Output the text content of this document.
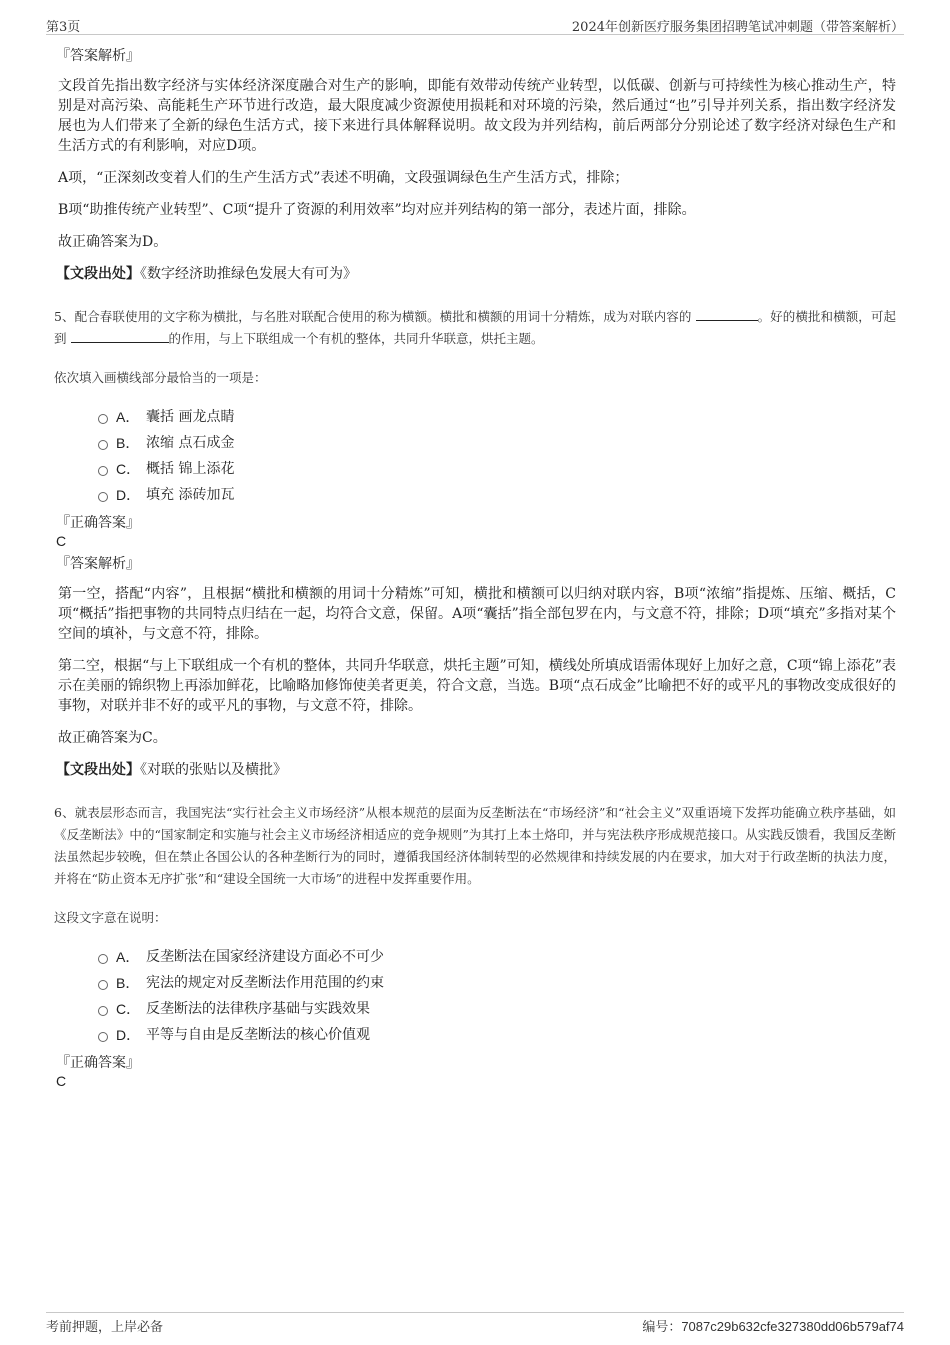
第3页	2024年创新医疗服务集团招聘笔试冲刺题（带答案解析）
『答案解析』

文段首先指出数字经济与实体经济深度融合对生产的影响，即能有效带动传统产业转型，以低碳、创新与可持续性为核心推动生产，特别是对高污染、高能耗生产环节进行改造，最大限度减少资源使用损耗和对环境的污染，然后通过“也”引导并列关系，指出数字经济发展也为人们带来了全新的绿色生活方式，接下来进行具体解释说明。故文段为并列结构，前后两部分分别论述了数字经济对绿色生产和生活方式的有利影响，对应D项。

A项，“正深刻改变着人们的生产生活方式”表述不明确，文段强调绿色生产生活方式，排除；

B项“助推传统产业转型”、C项“提升了资源的利用效率”均对应并列结构的第一部分，表述片面，排除。

故正确答案为D。

【文段出处】《数字经济助推绿色发展大有可为》
5、配合春联使用的文字称为横批，与名胜对联配合使用的称为横额。横批和横额的用词十分精炼，成为对联内容的	。好的横批和横额，可起到	的作用，与上下联组成一个有机的整体，共同升华联意，烘托主题。
依次填入画横线部分最恰当的一项是：
A． 囊括 画龙点睛
B． 浓缩 点石成金
C． 概括 锦上添花
D． 填充 添砖加瓦
『正确答案』
C
『答案解析』

第一空，搭配“内容”，且根据“横批和横额的用词十分精炼”可知，横批和横额可以归纳对联内容，B项“浓缩”指提炼、压缩、概括，C项“概括”指把事物的共同特点归结在一起，均符合文意，保留。A项“囊括”指全部包罗在内，与文意不符，排除；D项“填充”多指对某个空间的填补，与文意不符，排除。

第二空，根据“与上下联组成一个有机的整体，共同升华联意，烘托主题”可知，横线处所填成语需体现好上加好之意，C项“锦上添花”表示在美丽的锦织物上再添加鲜花，比喻略加修饰使美者更美，符合文意，当选。B项“点石成金”比喻把不好的或平凡的事物改变成很好的事物，对联并非不好的或平凡的事物，与文意不符，排除。

故正确答案为C。

【文段出处】《对联的张贴以及横批》
6、就表层形态而言，我国宪法“实行社会主义市场经济”从根本规范的层面为反垄断法在“市场经济”和“社会主义”双重语境下发挥功能确立秩序基础，如《反垄断法》中的“国家制定和实施与社会主义市场经济相适应的竞争规则”为其打上本土烙印，并与宪法秩序形成规范接口。从实践反馈看，我国反垄断法虽然起步较晚，但在禁止各国公认的各种垄断行为的同时，遵循我国经济体制转型的必然规律和持续发展的内在要求，加大对于行政垄断的执法力度，并将在“防止资本无序扩张”和“建设全国统一大市场”的进程中发挥重要作用。
这段文字意在说明：
A． 反垄断法在国家经济建设方面必不可少
B． 宪法的规定对反垄断法作用范围的约束
C． 反垄断法的法律秩序基础与实践效果
D． 平等与自由是反垄断法的核心价值观
『正确答案』
C
考前押题，上岸必备	编号：7087c29b632cfe327380dd06b579af74
